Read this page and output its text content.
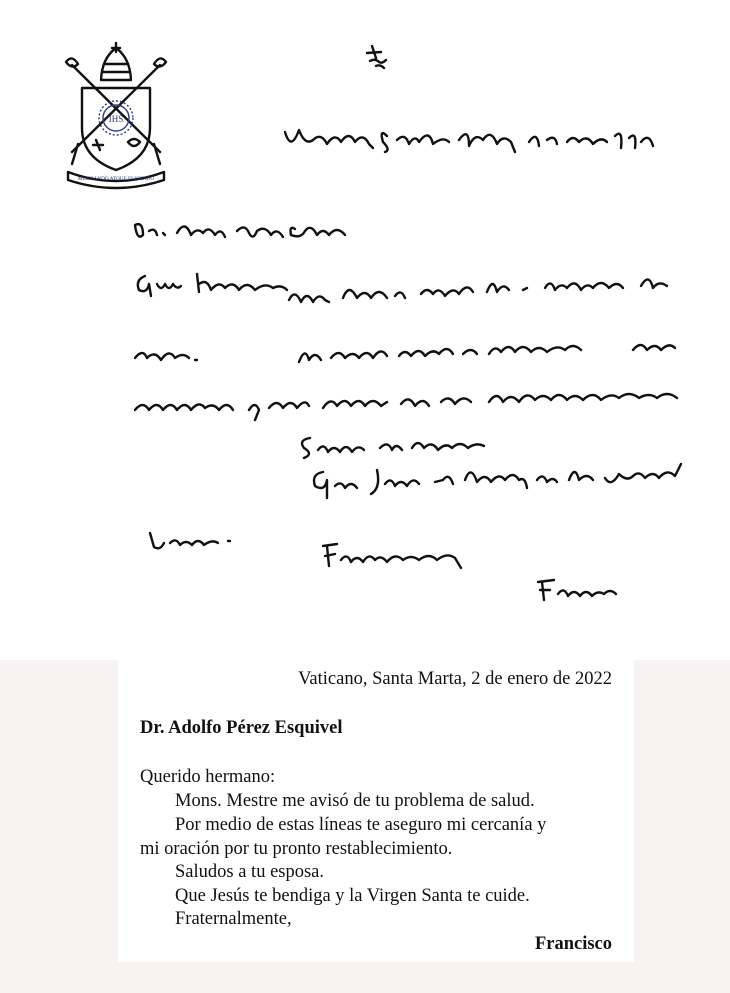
IHS
MISERANDO ATQUE ELIGENDO
Vaticano, Santa Marta, 2 de enero de 2022
Dr. Adolfo Pérez Esquivel
Querido hermano:
Mons. Mestre me avisó de tu problema de salud.
Por medio de estas líneas te aseguro mi cercanía y
mi oración por tu pronto restablecimiento.
Saludos a tu esposa.
Que Jesús te bendiga y la Virgen Santa te cuide.
Fraternalmente,
Francisco
